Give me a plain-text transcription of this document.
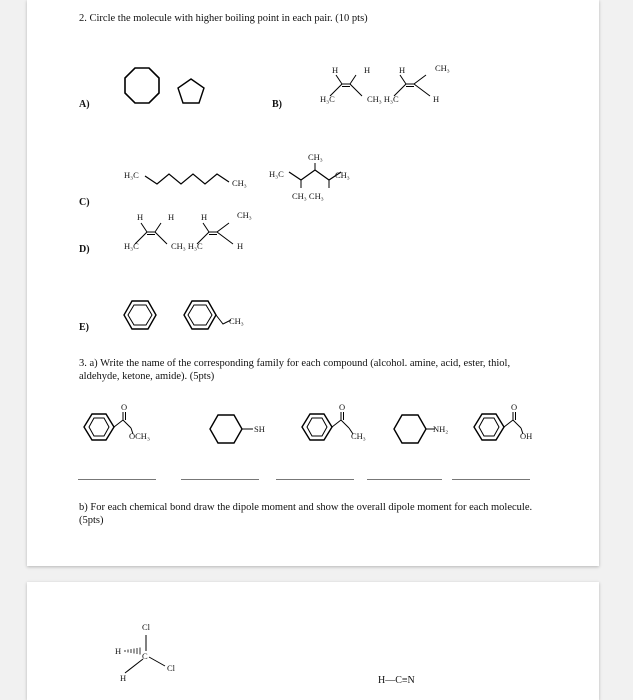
2. Circle the molecule with higher boiling point in each pair. (10 pts)
A)	B)
C)
D)
E)
H	H	H	CH₃
H₃C	CH₃ H₃C	H
H₃C
CH₃
H₃C
CH₃
CH₃
CH₃ CH₃
H	H	H	CH₃
H₃C	CH₃ H₃C	H
CH₃
3. a) Write the name of the corresponding family for each compound (alcohol. amine, acid, ester, thiol, aldehyde, ketone, amide). (5pts)
O
OCH₃
SH
O
CH₃
NH₂
O
OH
b) For each chemical bond draw the dipole moment and show the overall dipole moment for each molecule. (5pts)
Cl
H C
Cl
H	H—C≡N
